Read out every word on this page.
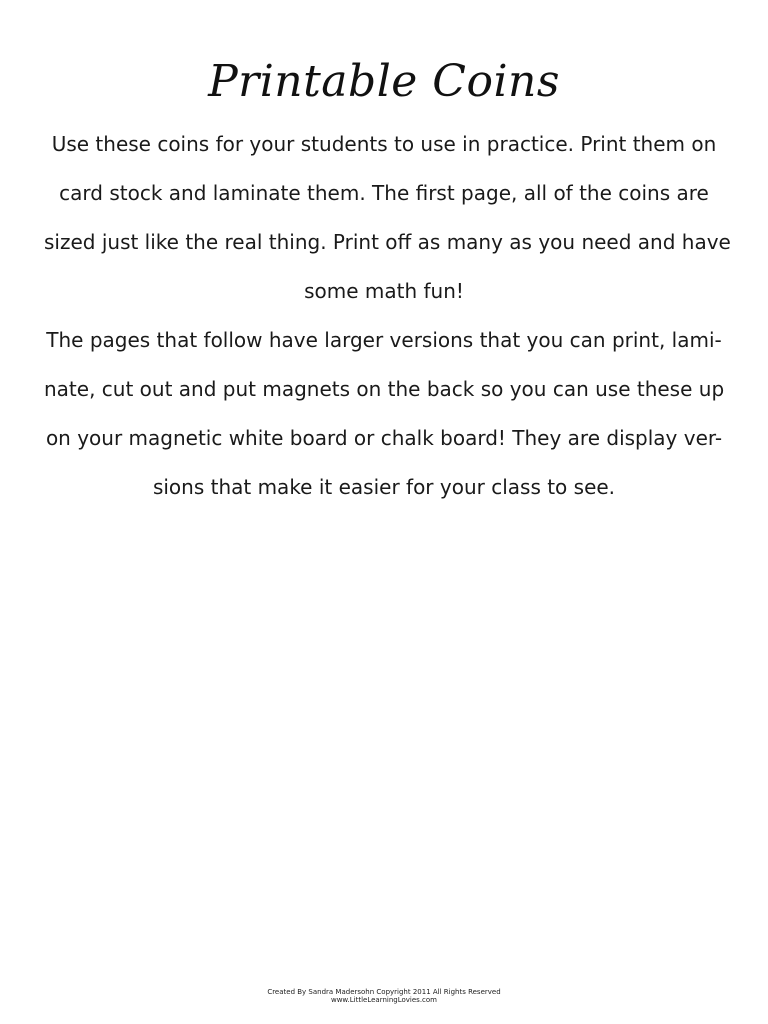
Printable Coins
Use these coins for your students to use in practice. Print them on
card stock and laminate them. The first page, all of the coins are
sized just like the real thing. Print off as many as you need and have
some math fun!
The pages that follow have larger versions that you can print, lami-
nate, cut out and put magnets on the back so you can use these up
on your magnetic white board or chalk board! They are display ver-
sions that make it easier for your class to see.
Created By Sandra Madersohn Copyright 2011 All Rights Reserved
www.LittleLearningLovies.com
